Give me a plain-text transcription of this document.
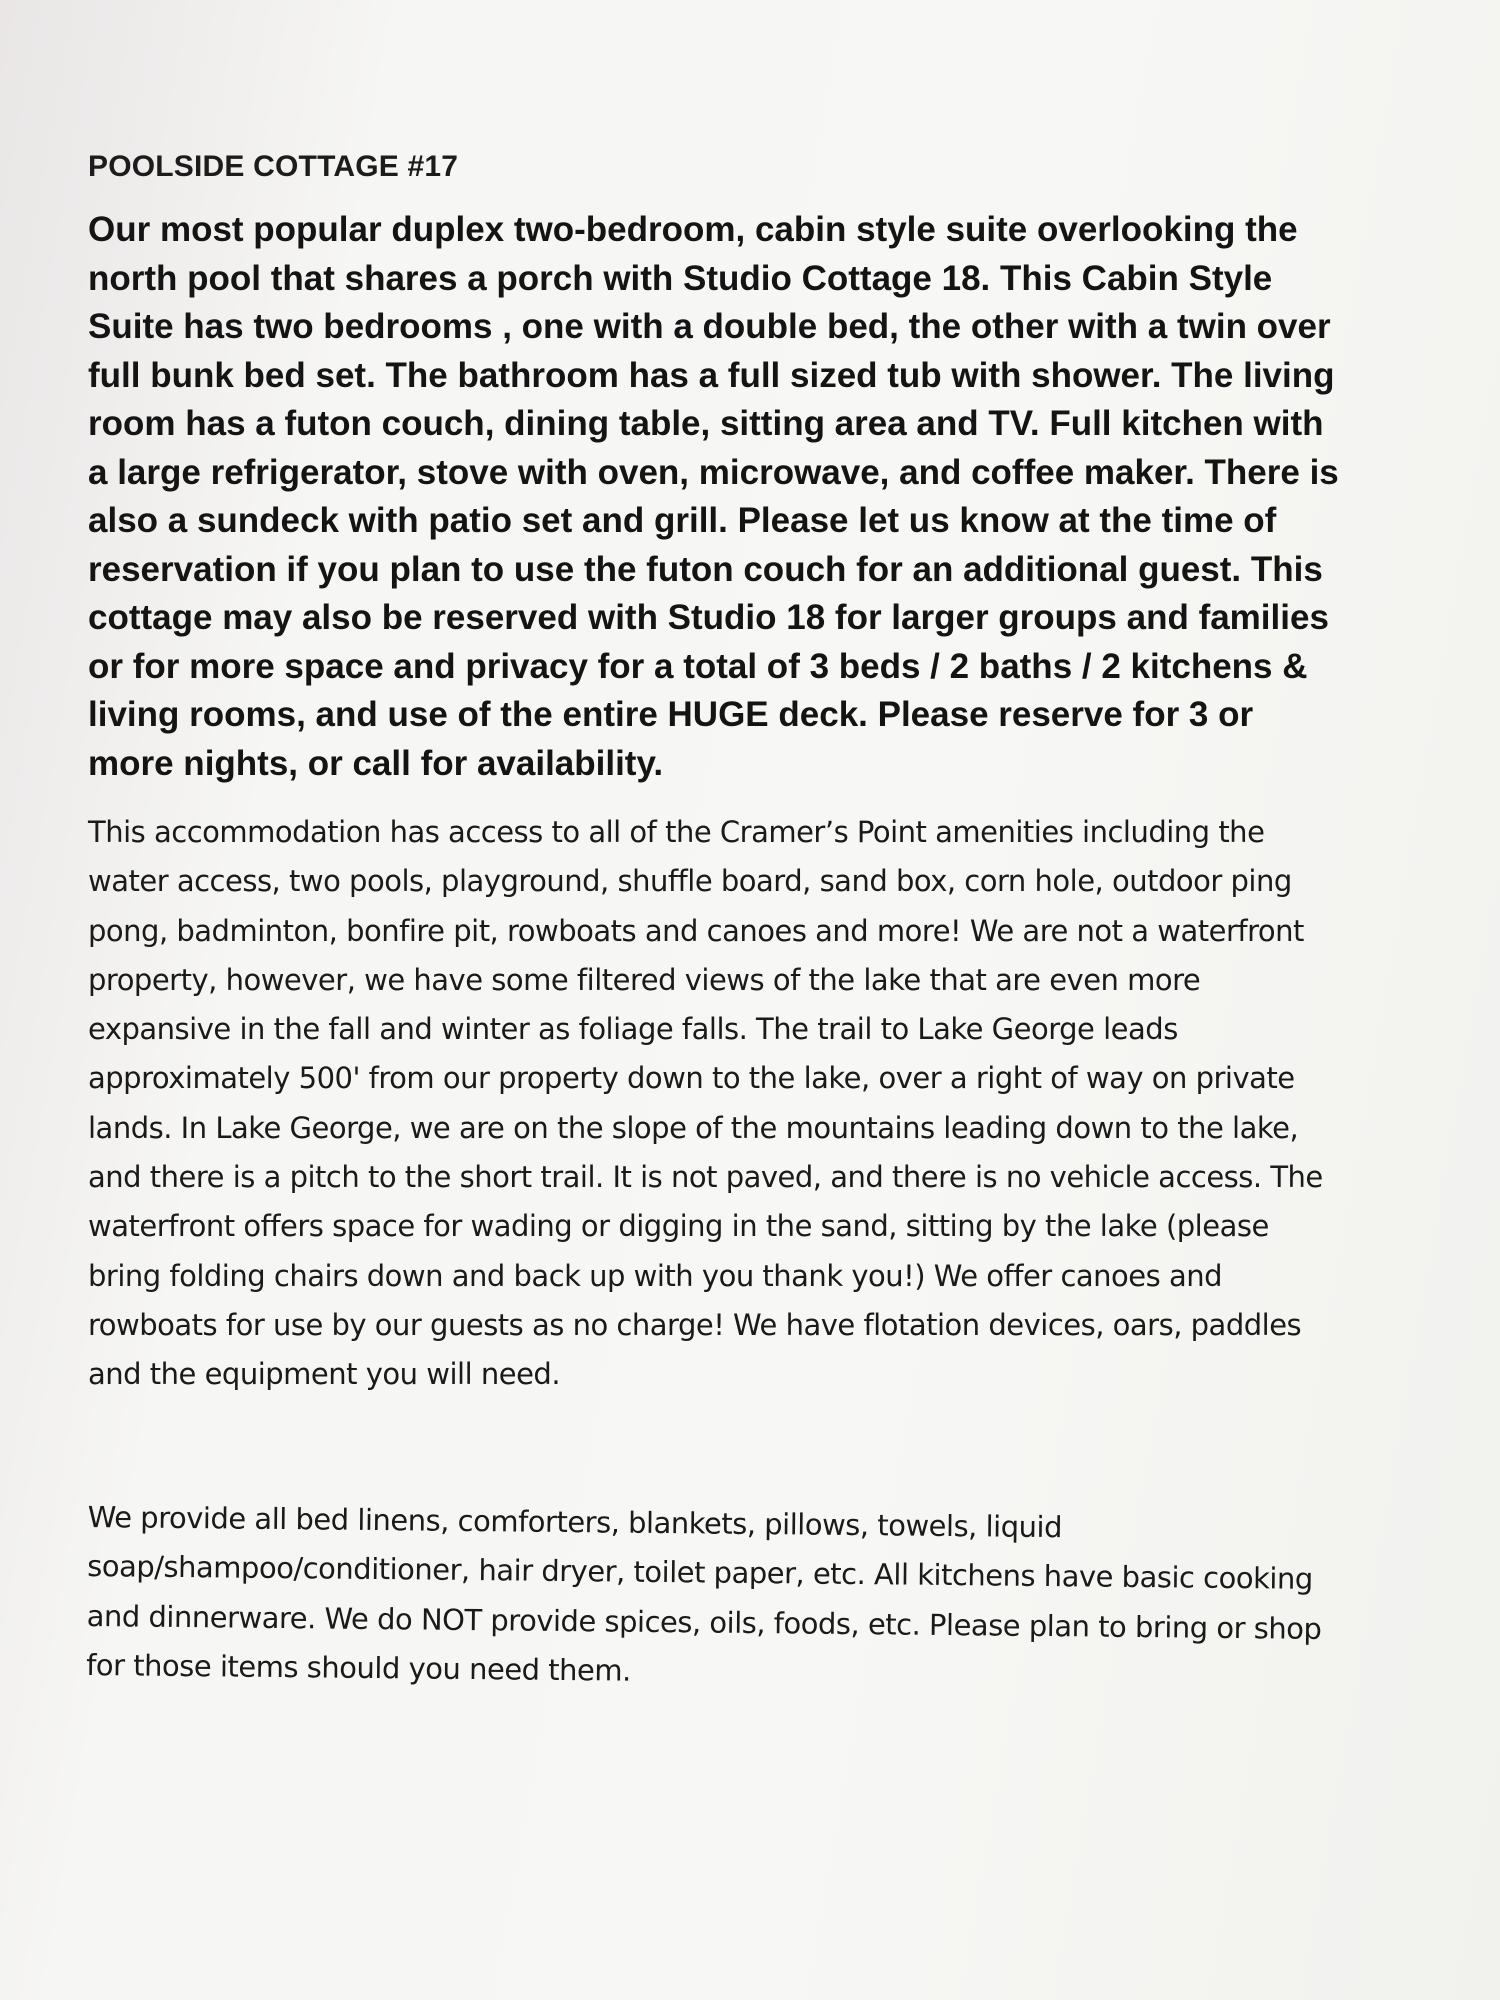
POOLSIDE COTTAGE #17

Our most popular duplex two-bedroom, cabin style suite overlooking the north pool that shares a porch with Studio Cottage 18. This Cabin Style Suite has two bedrooms , one with a double bed, the other with a twin over full bunk bed set. The bathroom has a full sized tub with shower. The living room has a futon couch, dining table, sitting area and TV. Full kitchen with a large refrigerator, stove with oven, microwave, and coffee maker. There is also a sundeck with patio set and grill. Please let us know at the time of reservation if you plan to use the futon couch for an additional guest. This cottage may also be reserved with Studio 18 for larger groups and families or for more space and privacy for a total of 3 beds / 2 baths / 2 kitchens & living rooms, and use of the entire HUGE deck. Please reserve for 3 or more nights, or call for availability.

This accommodation has access to all of the Cramer’s Point amenities including the water access, two pools, playground, shuffle board, sand box, corn hole, outdoor ping pong, badminton, bonfire pit, rowboats and canoes and more! We are not a waterfront property, however, we have some filtered views of the lake that are even more expansive in the fall and winter as foliage falls. The trail to Lake George leads approximately 500' from our property down to the lake, over a right of way on private lands. In Lake George, we are on the slope of the mountains leading down to the lake, and there is a pitch to the short trail. It is not paved, and there is no vehicle access. The waterfront offers space for wading or digging in the sand, sitting by the lake (please bring folding chairs down and back up with you thank you!) We offer canoes and rowboats for use by our guests as no charge! We have flotation devices, oars, paddles and the equipment you will need.

We provide all bed linens, comforters, blankets, pillows, towels, liquid soap/shampoo/conditioner, hair dryer, toilet paper, etc. All kitchens have basic cooking and dinnerware. We do NOT provide spices, oils, foods, etc. Please plan to bring or shop for those items should you need them.
